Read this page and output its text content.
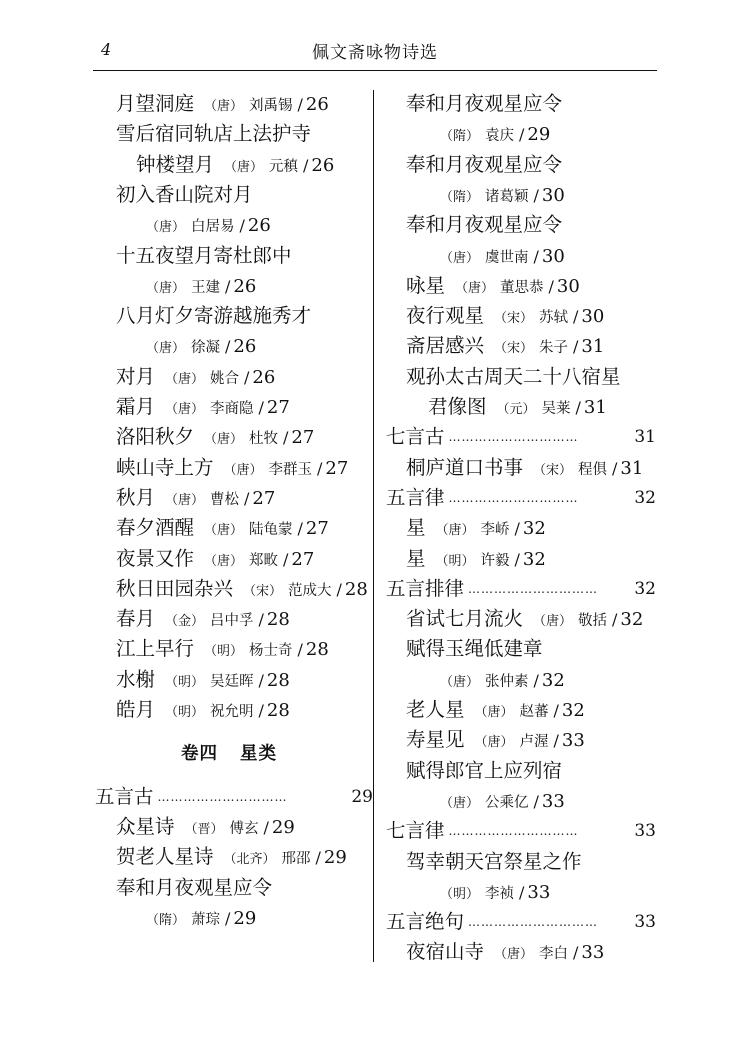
4	佩文斋咏物诗选
月望洞庭 （唐） 刘禹锡 / 26
雪后宿同轨店上法护寺
钟楼望月 （唐） 元稹 / 26
初入香山院对月
（唐） 白居易 / 26
十五夜望月寄杜郎中
（唐） 王建 / 26
八月灯夕寄游越施秀才
（唐） 徐凝 / 26
对月 （唐） 姚合 / 26
霜月 （唐） 李商隐 / 27
洛阳秋夕 （唐） 杜牧 / 27
峡山寺上方 （唐） 李群玉 / 27
秋月 （唐） 曹松 / 27
春夕酒醒 （唐） 陆龟蒙 / 27
夜景又作 （唐） 郑畋 / 27
秋日田园杂兴 （宋） 范成大 / 28
春月 （金） 吕中孚 / 28
江上早行 （明） 杨士奇 / 28
水榭 （明） 吴廷晖 / 28
皓月 （明） 祝允明 / 28
卷四 星类
五言古 …………………………	29
众星诗 （晋） 傅玄 / 29
贺老人星诗 （北齐） 邢邵 / 29
奉和月夜观星应令
（隋） 萧琮 / 29
奉和月夜观星应令
（隋） 袁庆 / 29
奉和月夜观星应令
（隋） 诸葛颖 / 30
奉和月夜观星应令
（唐） 虞世南 / 30
咏星 （唐） 董思恭 / 30
夜行观星 （宋） 苏轼 / 30
斋居感兴 （宋） 朱子 / 31
观孙太古周天二十八宿星
君像图 （元） 吴莱 / 31
七言古 …………………………	31
桐庐道口书事 （宋） 程俱 / 31
五言律 …………………………	32
星 （唐） 李峤 / 32
星 （明） 许毅 / 32
五言排律 …………………………	32
省试七月流火 （唐） 敬括 / 32
赋得玉绳低建章
（唐） 张仲素 / 32
老人星 （唐） 赵蕃 / 32
寿星见 （唐） 卢渥 / 33
赋得郎官上应列宿
（唐） 公乘亿 / 33
七言律 …………………………	33
驾幸朝天宫祭星之作
（明） 李祯 / 33
五言绝句 …………………………	33
夜宿山寺 （唐） 李白 / 33
